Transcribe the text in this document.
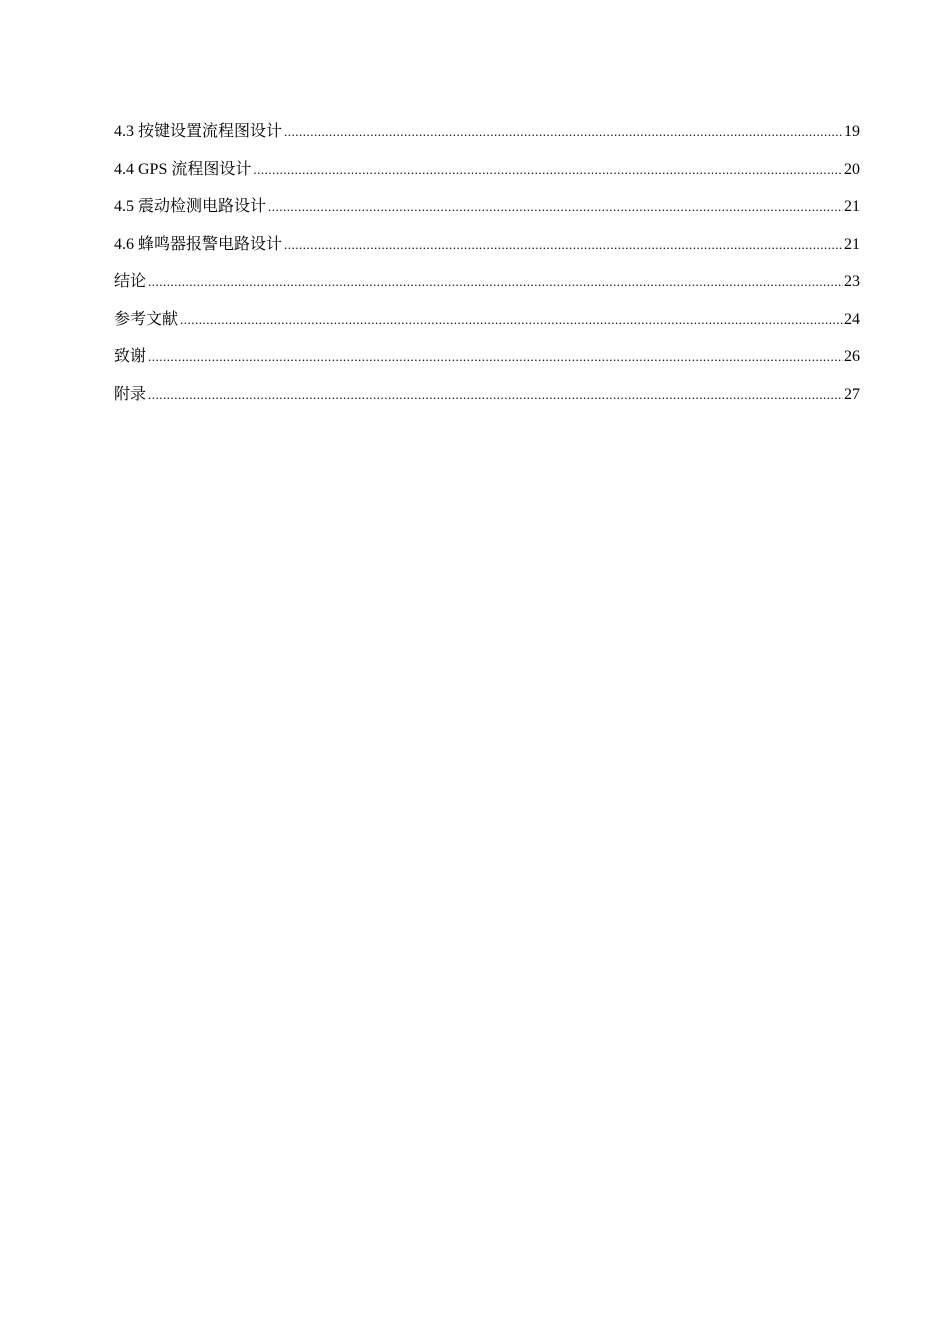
4.3 按键设置流程图设计 .....	19
4.4 GPS 流程图设计 .....	20
4.5 震动检测电路设计 .....	21
4.6 蜂鸣器报警电路设计 .....	21
结论 .....	23
参考文献 .....	24
致谢 .....	26
附录 .....	27
